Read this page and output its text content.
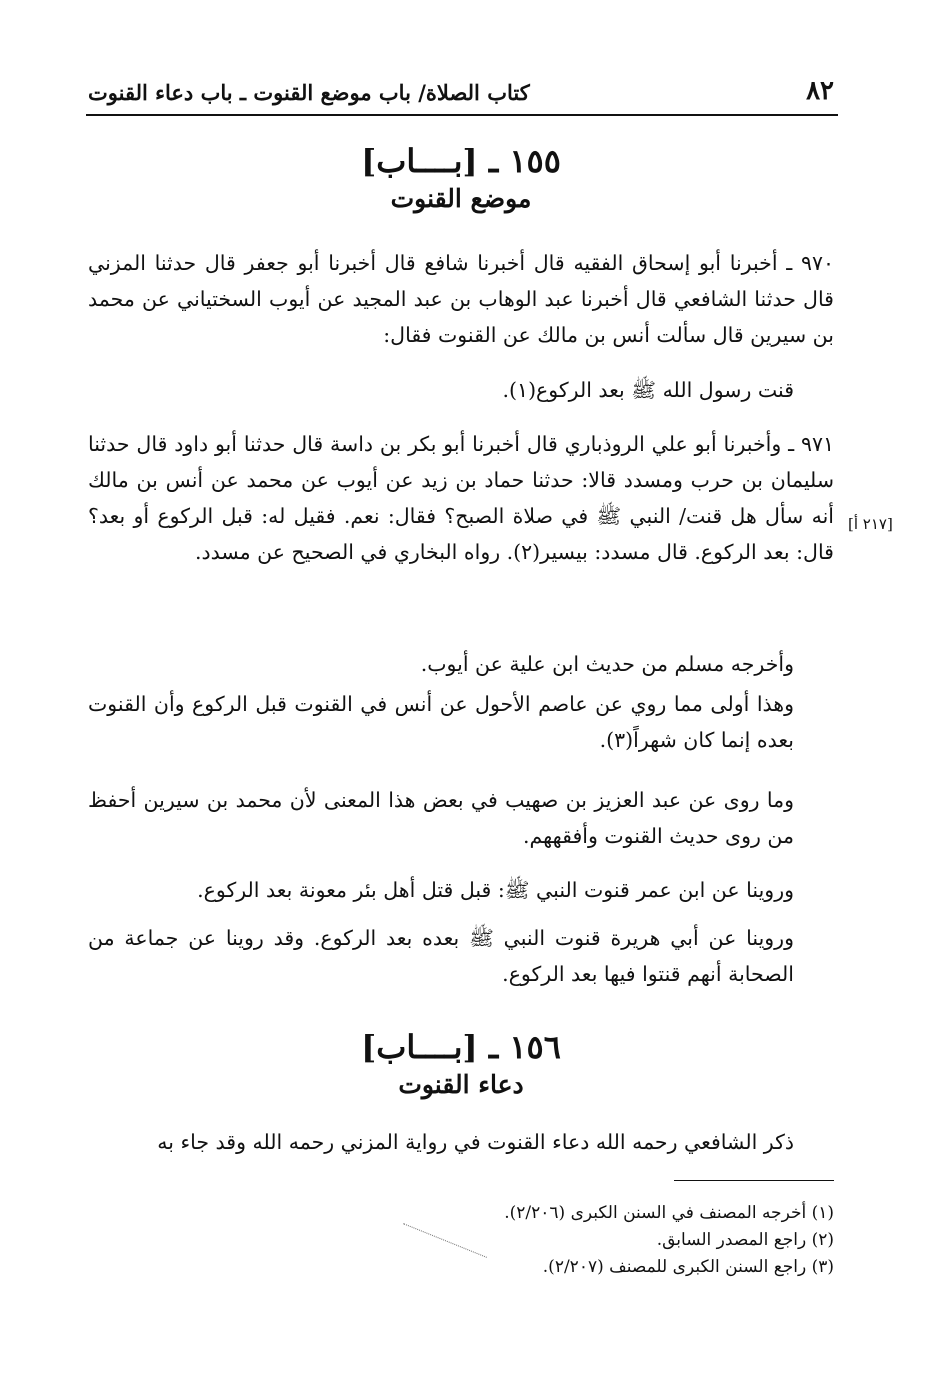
٨٢
كتاب الصلاة/ باب موضع القنوت ـ باب دعاء القنوت
١٥٥ ـ [بــــاب]
موضع القنوت
٩٧٠ ـ أخبرنا أبو إسحاق الفقيه قال أخبرنا شافع قال أخبرنا أبو جعفر قال حدثنا المزني قال حدثنا الشافعي قال أخبرنا عبد الوهاب بن عبد المجيد عن أيوب السختياني عن محمد بن سيرين قال سألت أنس بن مالك عن القنوت فقال:
قنت رسول الله ﷺ بعد الركوع(١).
٩٧١ ـ وأخبرنا أبو علي الروذباري قال أخبرنا أبو بكر بن داسة قال حدثنا أبو داود قال حدثنا سليمان بن حرب ومسدد قالا: حدثنا حماد بن زيد عن أيوب عن محمد عن أنس بن مالك أنه سأل هل قنت/ النبي ﷺ في صلاة الصبح؟ فقال: نعم. فقيل له: قبل الركوع أو بعد؟ قال: بعد الركوع. قال مسدد: بيسير(٢). رواه البخاري في الصحيح عن مسدد.
[٢١٧ أ]
وأخرجه مسلم من حديث ابن علية عن أيوب.
وهذا أولى مما روي عن عاصم الأحول عن أنس في القنوت قبل الركوع وأن القنوت بعده إنما كان شهراً(٣).
وما روى عن عبد العزيز بن صهيب في بعض هذا المعنى لأن محمد بن سيرين أحفظ من روى حديث القنوت وأفقههم.
وروينا عن ابن عمر قنوت النبي ﷺ: قبل قتل أهل بئر معونة بعد الركوع.
وروينا عن أبي هريرة قنوت النبي ﷺ بعده بعد الركوع. وقد روينا عن جماعة من الصحابة أنهم قنتوا فيها بعد الركوع.
١٥٦ ـ [بــــاب]
دعاء القنوت
ذكر الشافعي رحمه الله دعاء القنوت في رواية المزني رحمه الله وقد جاء به
(١) أخرجه المصنف في السنن الكبرى (٢/٢٠٦).
(٢) راجع المصدر السابق.
(٣) راجع السنن الكبرى للمصنف (٢/٢٠٧).
